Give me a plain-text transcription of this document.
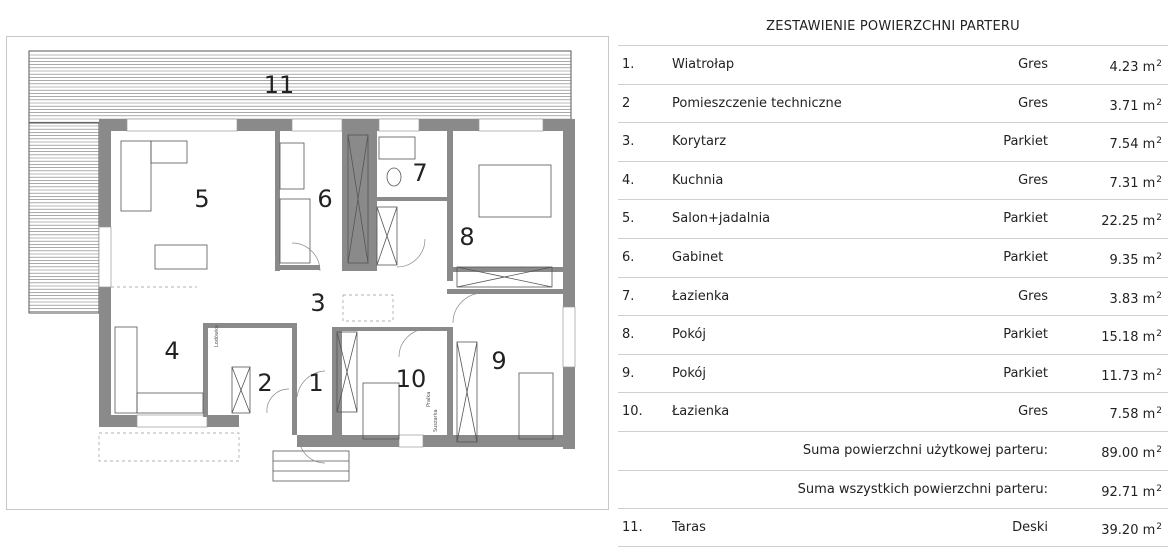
Lodówka
Pralka
Suszarka
1
2
3
4
5	6
7
8
9
10
11
ZESTAWIENIE POWIERZCHNI PARTERU
1.	Wiatrołap	Gres	4.23 $m^2$
2	Pomieszczenie techniczne	Gres	3.71 $m^2$
3.	Korytarz	Parkiet	7.54 $m^2$
4.	Kuchnia	Gres	7.31 $m^2$
5.	Salon+jadalnia	Parkiet	22.25 $m^2$
6.	Gabinet	Parkiet	9.35 $m^2$
7.	Łazienka	Gres	3.83 $m^2$
8.	Pokój	Parkiet	15.18 $m^2$
9.	Pokój	Parkiet	11.73 $m^2$
10. Łazienka	Gres	7.58 $m^2$
Suma powierzchni użytkowej parteru:	89.00 $m^2$
Suma wszystkich powierzchni parteru:	92.71 $m^2$
11. Taras	Deski	39.20 $m^2$
